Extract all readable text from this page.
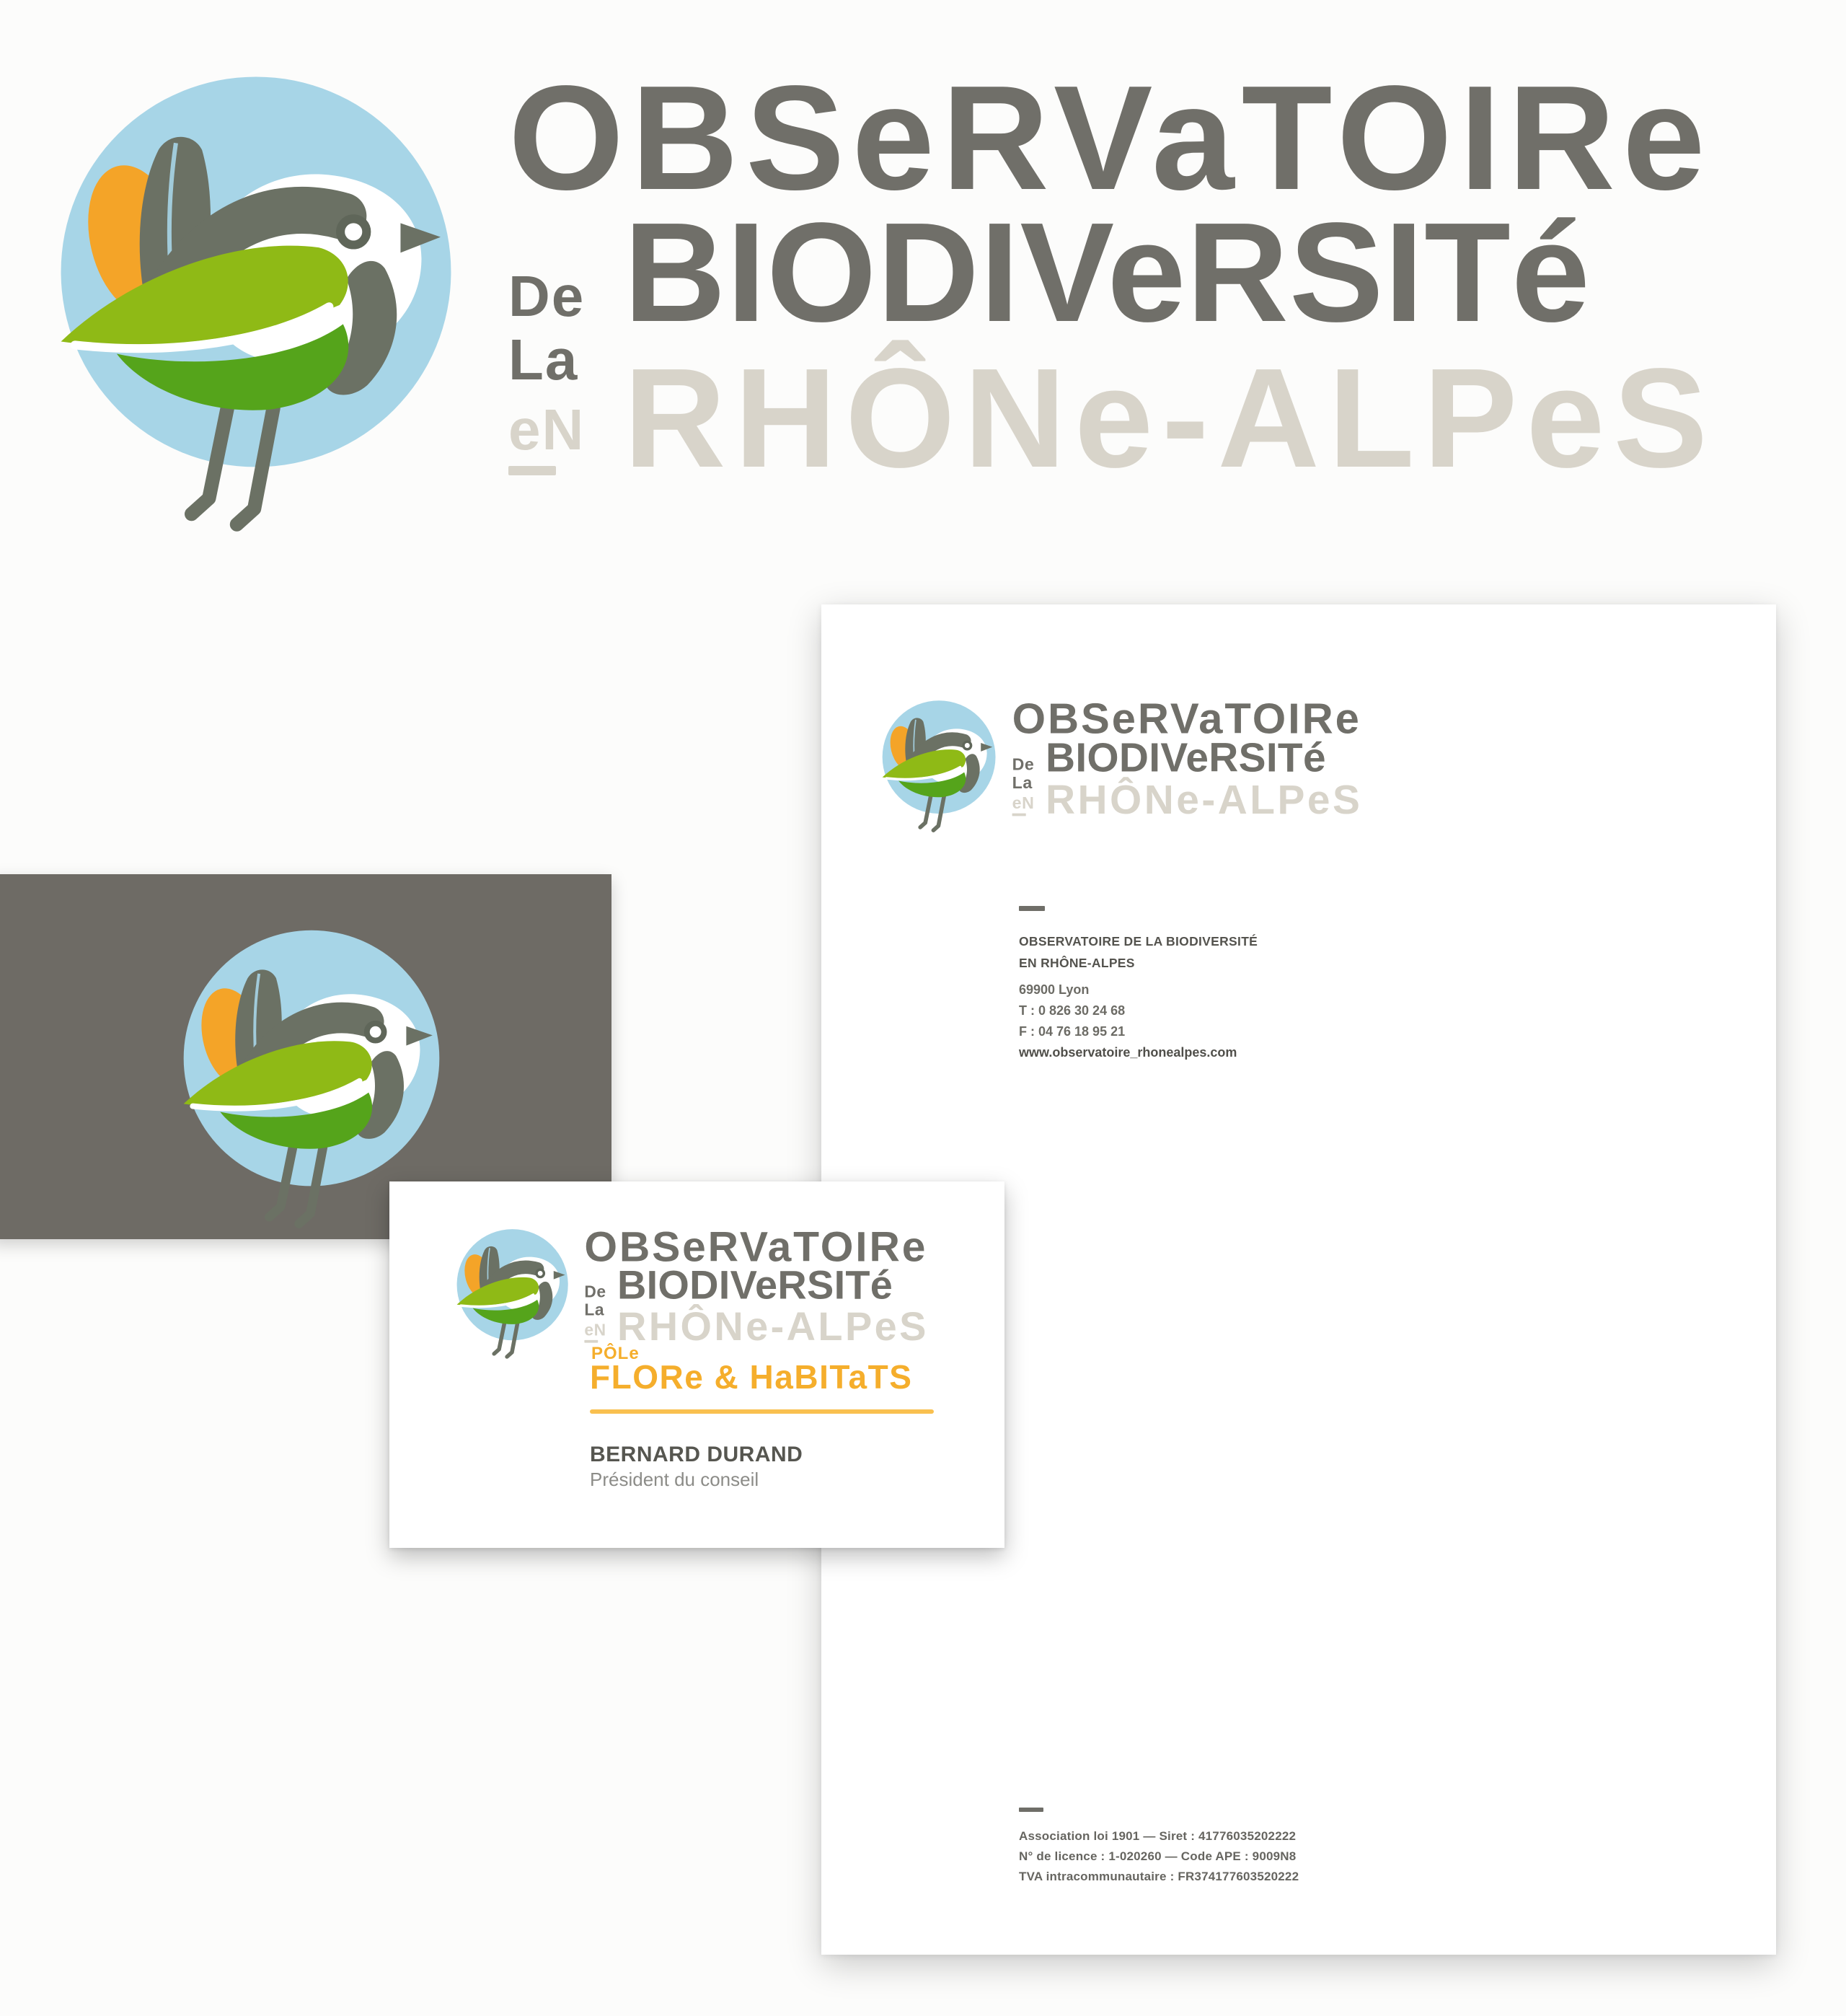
OBSeRVaTOIRe
De
La
BIODIVeRSITé
eN RHÔNe-ALPeS
OBSeRVaTOIRe
De
La
BIODIVeRSITé
eN RHÔNe-ALPeS
OBSERVATOIRE DE LA BIODIVERSITÉ
EN RHÔNE-ALPES
69900 Lyon
T : 0 826 30 24 68
F : 04 76 18 95 21
www.observatoire_rhonealpes.com
Association loi 1901 — Siret : 41776035202222
N° de licence : 1-020260 — Code APE : 9009N8
TVA intracommunautaire : FR374177603520222
OBSeRVaTOIRe
De
La
BIODIVeRSITé
eN RHÔNe-ALPeS
PÔLe
FLORe & HaBITaTS
BERNARD DURAND
Président du conseil
